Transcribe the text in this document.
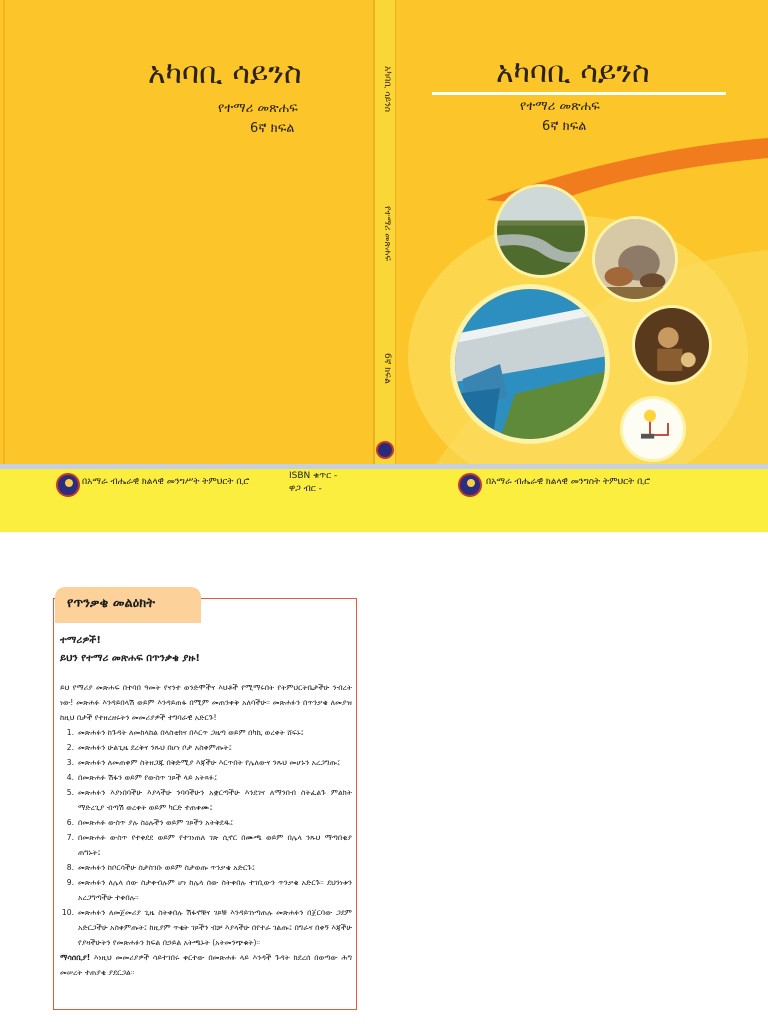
አካባቢ ሳይንስ
የተማሪ መጽሐፍ
6ኛ ክፍል
አካባቢ ሳይንስ
የተማሪ መጽሐፍ
6ኛ ክፍል
አካባቢ ሳይንስ
የተማሪ መጽሐፍ
6ኛ ክፍል
በአማራ ብሔራዊ ክልላዊ መንግሥት ትምህርት ቢሮ
ISBN ቁጥር -
ዋጋ ብር -
በአማራ ብሔራዊ ክልላዊ መንግስት ትምህርት ቢሮ
የጥንቃቄ መልዕክት
ተማሪዎች!
ይህን የተማሪ መጽሐፍ በጥንቃቄ ያዙ!
ይህ የማሪያ መጽሐፍ በተባበ ዓመት የናንተ ወንድሞችና እህቶች የሚማሩበት የትምህርትቤታችሁ ንብረት ነው! መጽሐፉ እንዳይበላሽ ወይም እንዳይጠፋ በሚም መጠንቀቅ አለባችሁ። መጽሐፉን በጥንቃቄ ለመያዝ ከዚህ በታች የተዘረዘሩትን መመሪያዎች ተግባራዊ አድርጉ!
1. መጽሐፉን ከጉዳት ለመከላከል በላስቲክና በእርጥ ጋዜጣ ወይም በካኪ ወረቀት ሸፍኑ፤
2. መጽሐፉን ሁልጊዜ ደረቅና ንጹህ በሆነ ቦታ አስቀምጡት፤
3. መጽሐፉን ለመጠቀም ስትዘጋጁ በቅድሚያ እጃችሁ እርጥበት የሌለውና ንጹህ መሆኑን አረጋግጡ፤
4. በመጽሐፉ ሽፋን ወይም የውስጥ ገጾች ላይ አትጻፉ፤
5. መጽሐፉን እያነበባችሁ እያላችሁ ንባባችሁን አቋርጣችሁ እንደገና ለማንበብ ስትፈልጉ ምልክት ማድረጊያ ብጣሽ ወረቀት ወይም ካርድ ተጠቀሙ፤
6. በመጽሐፉ ውስጥ ያሉ ስዕሉችን ወይም ገጾችን አትቅደዱ፤
7. በመጽሐፉ ውስጥ የተቀደደ ወይም የተገነጠለ ገጽ ሲኖር በሙጫ ወይም በሌላ ንጹህ ማጣበቂያ ጠግኑት፤
8. መጽሐፉን ከቦርሳችሁ ስታስገቡ ወይም ስታወጡ ጥንቃቄ አድርጉ፤
9. መጽሐፉን ለሌላ ሰው ስታቀብሉም ሆነ ከሌላ ሰው ስትቀበሉ ተገቢውን ጥንቃቄ አድርጉ። ደህንነቱን አረጋግጣችሁ ተቀበሉ።
10. መጽሐፉን ለመጀመሪያ ጊዜ ስትቀበሉ ሽፋኖቹና ገጾቹ እንዳይገነጣጠሉ መጽሐፉን በጀርባው ጋደም አድርጋችሁ አስቀምጡት፤ ከዚያም ጥቂት ገጾችን ብቻ እያላችሁ በየተራ ገልጡ፤ በግራና በቀኝ እጃችሁ የያዛችሁትን የመጽሐፉን ክፍል በኃይል አትጫኑት (አትመንጭቁት)።
ማሳሰቢያ! እነዚህ መመሪያዎች ሳይተገበሩ ቀርተው በመጽሐፉ ላይ እንዳች ጉዳት ከደረሰ በወጣው ሕግ መሠረት ተጠያቂ ያደርጋል።
